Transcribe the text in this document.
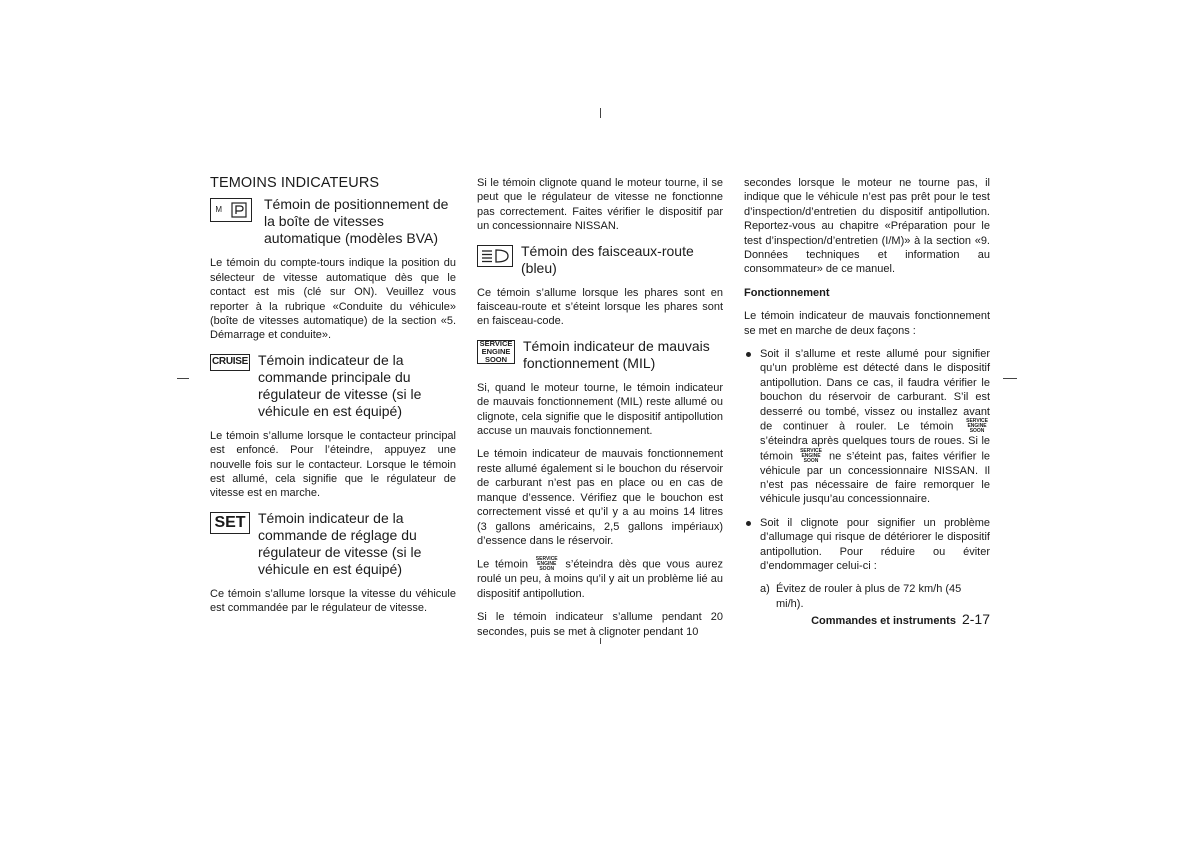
TEMOINS INDICATEURS
M	Témoin de positionnement de la boîte de vitesses automatique (modèles BVA)

Le témoin du compte-tours indique la position du sélecteur de vitesse automatique dès que le contact est mis (clé sur ON). Veuillez vous reporter à la rubrique «Conduite du véhicule» (boîte de vitesses automatique) de la section «5. Démarrage et conduite».

CRUISE Témoin indicateur de la commande principale du régulateur de vitesse (si le véhicule en est équipé)

Le témoin s’allume lorsque le contacteur principal est enfoncé. Pour l’éteindre, appuyez une nouvelle fois sur le contacteur. Lorsque le témoin est allumé, cela signifie que le régulateur de vitesse est en marche.

SET Témoin indicateur de la commande de réglage du régulateur de vitesse (si le véhicule en est équipé)

Ce témoin s’allume lorsque la vitesse du véhicule est commandée par le régulateur de vitesse.

Si le témoin clignote quand le moteur tourne, il se peut que le régulateur de vitesse ne fonctionne pas correctement. Faites vérifier le dispositif par un concessionnaire NISSAN.

Témoin des faisceaux-route (bleu)

Ce témoin s’allume lorsque les phares sont en faisceau-route et s’éteint lorsque les phares sont en faisceau-code.

SERVICE
ENGINE
SOON
Témoin indicateur de mauvais fonctionnement (MIL)

Si, quand le moteur tourne, le témoin indicateur de mauvais fonctionnement (MIL) reste allumé ou clignote, cela signifie que le dispositif antipollution accuse un mauvais fonctionnement.

Le témoin indicateur de mauvais fonctionnement reste allumé également si le bouchon du réservoir de carburant n’est pas en place ou en cas de manque d’essence. Vérifiez que le bouchon est correctement vissé et qu’il y a au moins 14 litres (3 gallons américains, 2,5 gallons impériaux) d’essence dans le réservoir.

Le témoin SERVICE
ENGINE
SOON	s’éteindra dès que vous aurez roulé un peu, à moins qu’il y ait un problème lié au dispositif antipollution.

Si le témoin indicateur s’allume pendant 20 secondes, puis se met à clignoter pendant 10

secondes lorsque le moteur ne tourne pas, il indique que le véhicule n’est pas prêt pour le test d’inspection/d’entretien du dispositif antipollution. Reportez-vous au chapitre «Préparation pour le test d’inspection/d’entretien (I/M)» à la section «9. Données techniques et information au consommateur» de ce manuel.

Fonctionnement

Le témoin indicateur de mauvais fonctionnement se met en marche de deux façons :

Soit il s’allume et reste allumé pour signifier qu’un problème est détecté dans le dispositif antipollution. Dans ce cas, il faudra vérifier le bouchon du réservoir de carburant. S’il est desserré ou tombé, vissez ou installez avant de continuer à rouler. Le témoin	SERVICE
ENGINE
SOON
s’éteindra après quelques tours de roues. Si le témoin SERVICE
ENGINE
SOON ne s’éteint pas, faites vérifier le véhicule par un concessionnaire NISSAN. Il n’est pas nécessaire de faire remorquer le véhicule jusqu’au concessionnaire.
Soit il clignote pour signifier un problème d’allumage qui risque de détériorer le dispositif antipollution. Pour réduire ou éviter d’endommager celui-ci :
a) Évitez de rouler à plus de 72 km/h (45 mi/h).
Commandes et instruments 2-17
